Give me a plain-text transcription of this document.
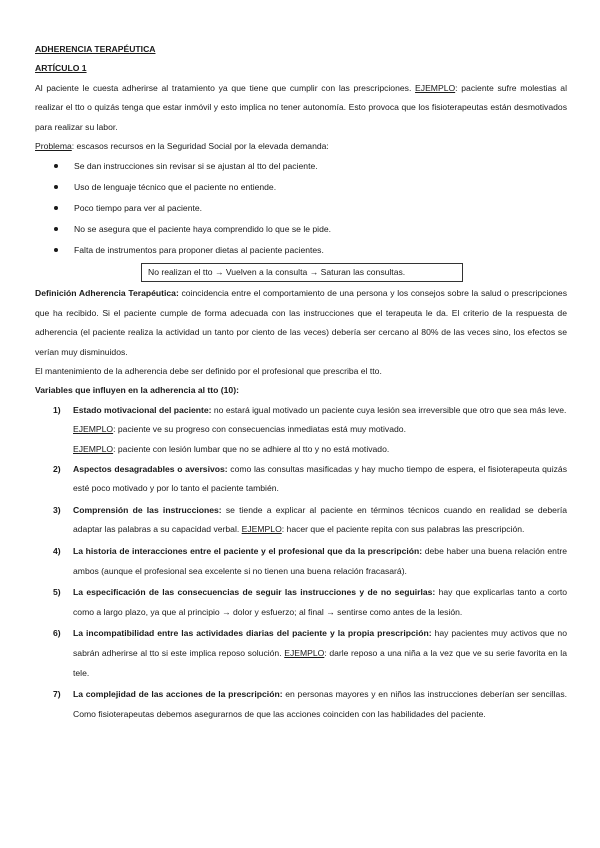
ADHERENCIA TERAPÉUTICA
ARTÍCULO 1
Al paciente le cuesta adherirse al tratamiento ya que tiene que cumplir con las prescripciones. EJEMPLO: paciente sufre molestias al realizar el tto o quizás tenga que estar inmóvil y esto implica no tener autonomía. Esto provoca que los fisioterapeutas están desmotivados para realizar su labor.
Problema: escasos recursos en la Seguridad Social por la elevada demanda:
Se dan instrucciones sin revisar si se ajustan al tto del paciente.
Uso de lenguaje técnico que el paciente no entiende.
Poco tiempo para ver al paciente.
No se asegura que el paciente haya comprendido lo que se le pide.
Falta de instrumentos para proponer dietas al paciente pacientes.
No realizan el tto → Vuelven a la consulta → Saturan las consultas.
Definición Adherencia Terapéutica: coincidencia entre el comportamiento de una persona y los consejos sobre la salud o prescripciones que ha recibido. Si el paciente cumple de forma adecuada con las instrucciones que el terapeuta le da. El criterio de la respuesta de adherencia (el paciente realiza la actividad un tanto por ciento de las veces) debería ser cercano al 80% de las veces sino, los efectos se verían muy disminuidos.
El mantenimiento de la adherencia debe ser definido por el profesional que prescriba el tto.
Variables que influyen en la adherencia al tto (10):
1) Estado motivacional del paciente: no estará igual motivado un paciente cuya lesión sea irreversible que otro que sea más leve.
EJEMPLO: paciente ve su progreso con consecuencias inmediatas está muy motivado.
EJEMPLO: paciente con lesión lumbar que no se adhiere al tto y no está motivado.
2) Aspectos desagradables o aversivos: como las consultas masificadas y hay mucho tiempo de espera, el fisioterapeuta quizás esté poco motivado y por lo tanto el paciente también.
3) Comprensión de las instrucciones: se tiende a explicar al paciente en términos técnicos cuando en realidad se debería adaptar las palabras a su capacidad verbal. EJEMPLO: hacer que el paciente repita con sus palabras las prescripción.
4) La historia de interacciones entre el paciente y el profesional que da la prescripción: debe haber una buena relación entre ambos (aunque el profesional sea excelente si no tienen una buena relación fracasará).
5) La especificación de las consecuencias de seguir las instrucciones y de no seguirlas: hay que explicarlas tanto a corto como a largo plazo, ya que al principio → dolor y esfuerzo; al final → sentirse como antes de la lesión.
6) La incompatibilidad entre las actividades diarias del paciente y la propia prescripción: hay pacientes muy activos que no sabrán adherirse al tto si este implica reposo solución. EJEMPLO: darle reposo a una niña a la vez que ve su serie favorita en la tele.
7) La complejidad de las acciones de la prescripción: en personas mayores y en niños las instrucciones deberían ser sencillas. Como fisioterapeutas debemos asegurarnos de que las acciones coinciden con las habilidades del paciente.
